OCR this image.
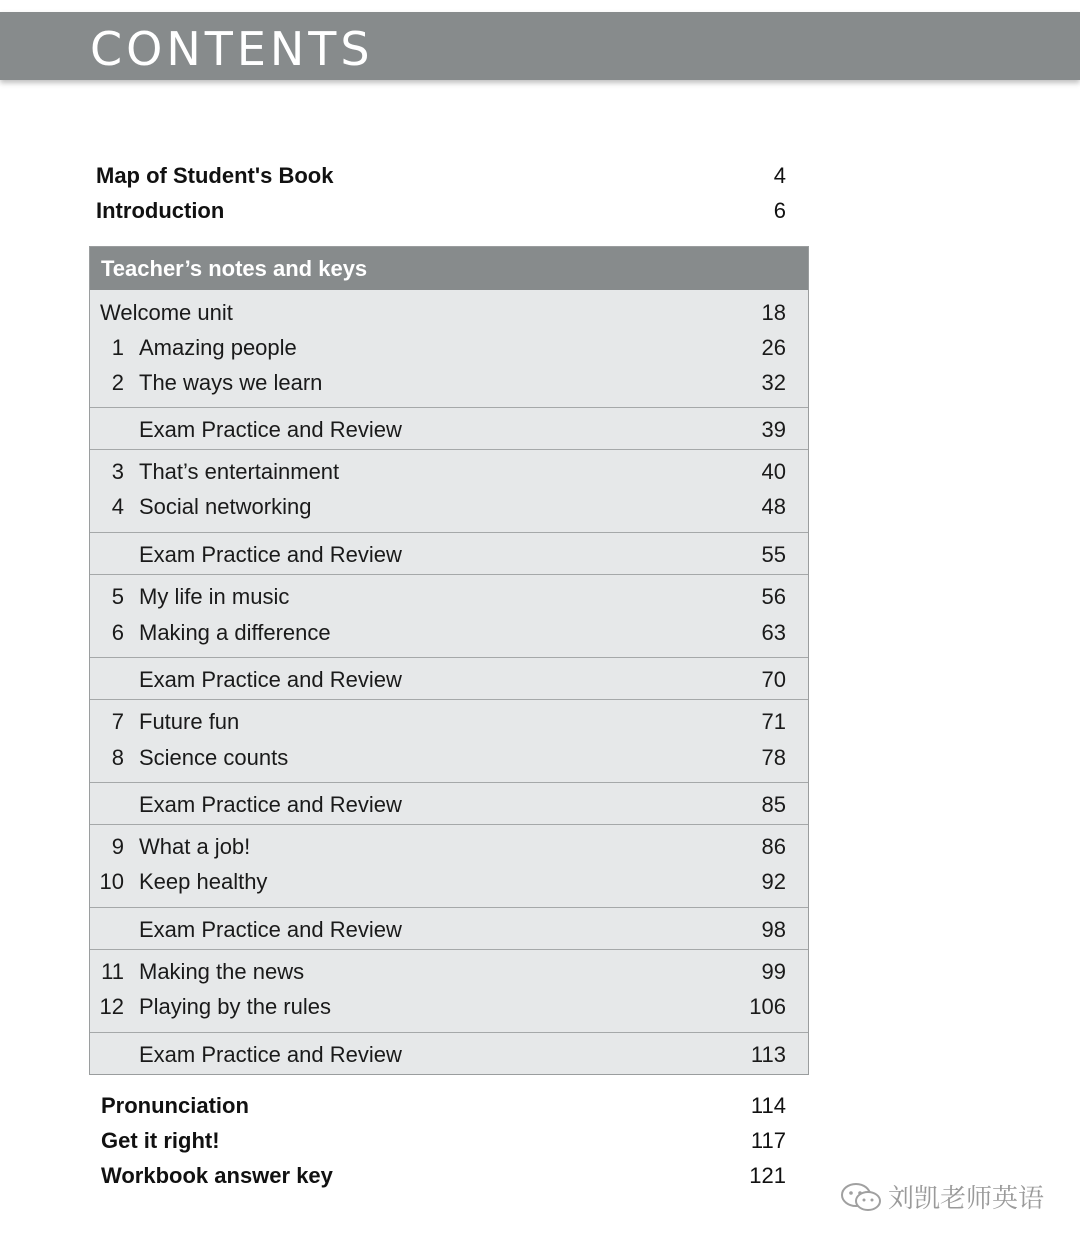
CONTENTS
Map of Student's Book	4
Introduction	6
Teacher’s notes and keys
Welcome unit	18
1 Amazing people	26
2 The ways we learn	32
Exam Practice and Review	39
3 That’s entertainment	40
4 Social networking	48
Exam Practice and Review	55
5 My life in music	56
6 Making a difference	63
Exam Practice and Review	70
7 Future fun	71
8 Science counts	78
Exam Practice and Review	85
9 What a job!	86
10 Keep healthy	92
Exam Practice and Review	98
11 Making the news	99
12 Playing by the rules	106
Exam Practice and Review	113
Pronunciation	114
Get it right!	117
Workbook answer key	121
刘凯老师英语
